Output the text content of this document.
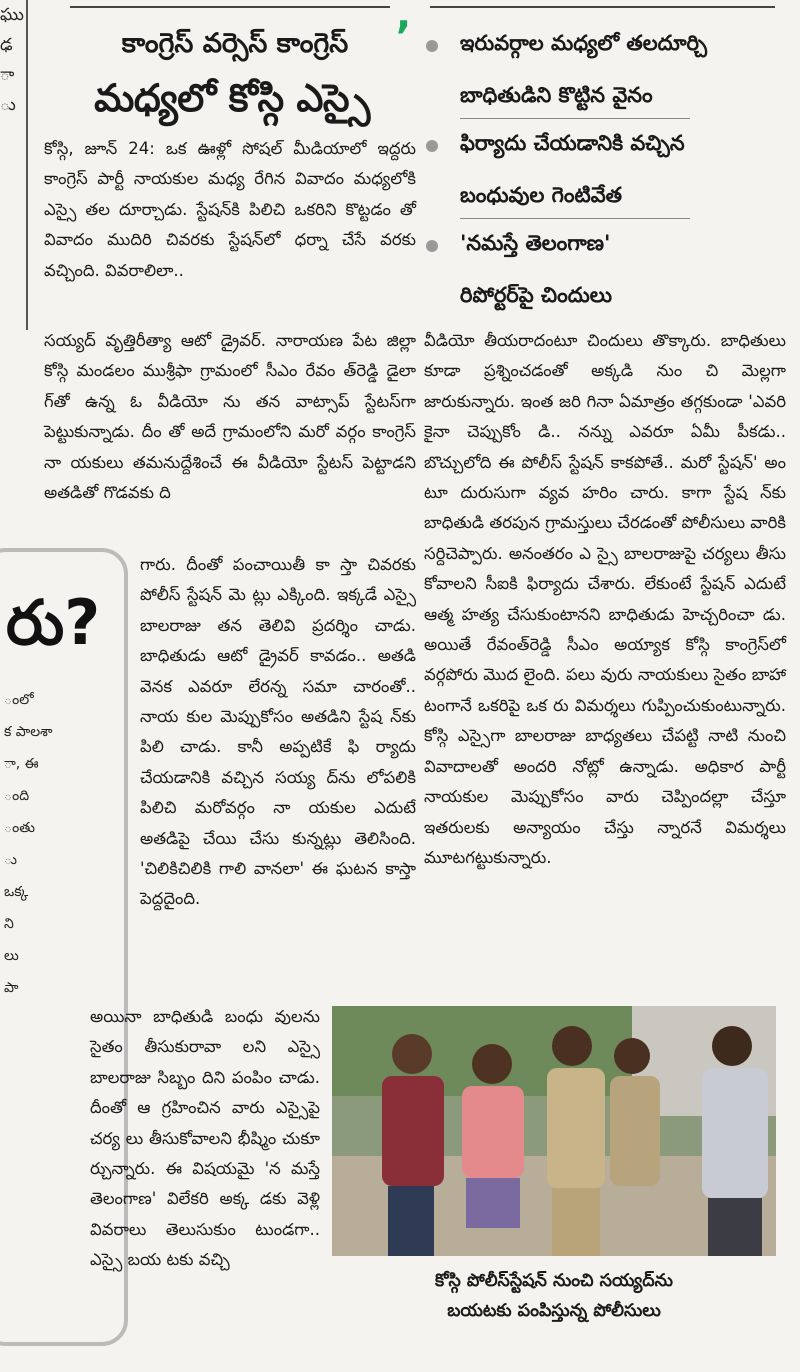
,
ఘు
ఢ
ా
ు
రు?
ంలో
క పాలశా
ా, ఈ
ంది
ంతు
ు
ఒక్క
ని
లు
పా
కాంగ్రెస్ వర్సెస్ కాంగ్రెస్
మధ్యలో కోస్గి ఎస్సై
ఇరువర్గాల మధ్యలో తలదూర్చి
బాధితుడిని కొట్టిన వైనం
ఫిర్యాదు చేయడానికి వచ్చిన
బంధువుల గెంటివేత
'నమస్తే తెలంగాణ'
రిపోర్టర్‌పై చిందులు

కోస్గి, జూన్ 24: ఒక ఊళ్లో సోషల్ మీడియాలో ఇద్దరు కాంగ్రెస్ పార్టీ నాయకుల మధ్య రేగిన వివాదం మధ్యలోకి ఎస్సై తల దూర్చాడు. స్టేషన్‌కి పిలిచి ఒకరిని కొట్టడం తో వివాదం ముదిరి చివరకు స్టేషన్‌లో ధర్నా చేసే వరకు వచ్చింది. వివరాలిలా..

సయ్యద్ వృత్తిరీత్యా ఆటో డ్రైవర్. నారాయణ పేట జిల్లా కోస్గి మండలం ముశ్రీఫా గ్రామంలో సీఎం రేవం త్‌రెడ్డి డైలా గ్‌తో ఉన్న ఓ వీడియో ను తన వాట్సాప్ స్టేటస్‌గా పెట్టుకున్నాడు. దీం తో అదే గ్రామంలోని మరో వర్గం కాంగ్రెస్ నా యకులు తమనుద్దేశించే ఈ వీడియో స్టేటస్ పెట్టాడని అతడితో గొడవకు ది

గారు. దీంతో పంచాయితీ కా స్తా చివరకు పోలీస్ స్టేషన్ మె ట్లు ఎక్కింది. ఇక్కడే ఎస్సై బాలరాజు తన తెలివి ప్రదర్శిం చాడు. బాధితుడు ఆటో డ్రైవర్ కావడం.. అతడి వెనక ఎవరూ లేరన్న సమా చారంతో.. నాయ కుల మెప్పుకోసం అతడిని స్టేష న్‌కు పిలి చాడు. కానీ అప్పటికే ఫి ర్యాదు చేయడానికి వచ్చిన సయ్య ద్‌ను లోపలికి పిలిచి మరోవర్గం నా యకుల ఎదుటే అతడిపై చేయి చేసు కున్నట్లు తెలిసింది. 'చిలికిచిలికి గాలి వానలా' ఈ ఘటన కాస్తా పెద్దదైంది.

అయినా బాధితుడి బంధు వులను సైతం తీసుకురావా లని ఎస్సై బాలరాజు సిబ్బం దిని పంపిం చాడు. దీంతో ఆ గ్రహించిన వారు ఎస్సైపై చర్య లు తీసుకోవాలని భీష్మిం చుకూ ర్చున్నారు. ఈ విషయమై 'న మస్తే తెలంగాణ' విలేకరి అక్క డకు వెళ్లి వివరాలు తెలుసుకుం టుండగా.. ఎస్సై బయ టకు వచ్చి

వీడియో తీయరాదంటూ చిందులు తొక్కారు. బాధితులు కూడా ప్రశ్నించడంతో అక్కడి నుం చి మెల్లగా జారుకున్నారు. ఇంత జరి గినా ఏమాత్రం తగ్గకుండా 'ఎవరి కైనా చెప్పుకోం డి.. నన్ను ఎవరూ ఏమీ పీకడు.. బొచ్చులోది ఈ పోలీస్ స్టేషన్ కాకపోతే.. మరో స్టేషన్' అం టూ దురుసుగా వ్యవ హరిం చారు. కాగా స్టేష న్‌కు బాధితుడి తరపున గ్రామస్తులు చేరడంతో పోలీసులు వారికి సర్దిచెప్పారు. అనంతరం ఎ స్సై బాలరాజుపై చర్యలు తీసు కోవాలని సీఐకి ఫిర్యాదు చేశారు. లేకుంటే స్టేషన్ ఎదుటే ఆత్మ హత్య చేసుకుంటానని బాధితుడు హెచ్చరించా డు. అయితే రేవంత్‌రెడ్డి సీఎం అయ్యాక కోస్గి కాంగ్రెస్‌లో వర్గపోరు మొద లైంది. పలు వురు నాయకులు సైతం బాహా టంగానే ఒకరిపై ఒక రు విమర్శలు గుప్పించుకుంటున్నారు. కోస్గి ఎస్సైగా బాలరాజు బాధ్యతలు చేపట్టి నాటి నుంచి వివాదాలతో అందరి నోట్లో ఉన్నాడు. అధికార పార్టీ నాయకుల మెప్పుకోసం వారు చెప్పిందల్లా చేస్తూ ఇతరులకు అన్యాయం చేస్తు న్నారనే విమర్శలు మూటగట్టుకున్నారు.

కోస్గి పోలీస్‌స్టేషన్ నుంచి సయ్యద్‌ను
బయటకు పంపిస్తున్న పోలీసులు
